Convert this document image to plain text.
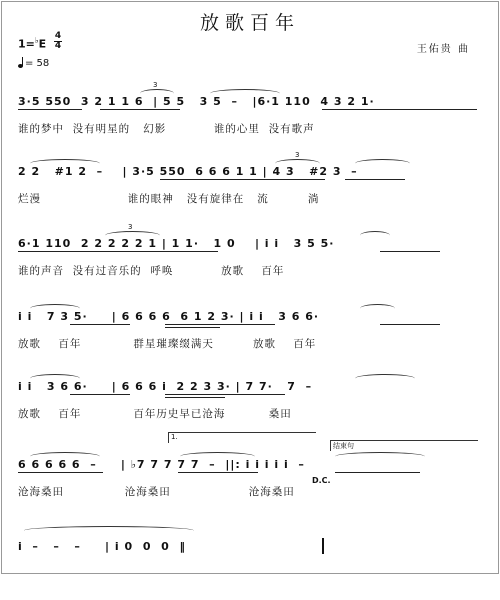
放歌百年
1=♭E
4
4
= 58
王佑贵 曲
3·5 550  3 2 1 1 6  | 5 5   3 5  –   |6·1 110  4 3 2 1·
谁的梦中  没有明星的   幻影           谁的心里  没有歌声
3
2 2   #1 2  –    | 3·5 550  6 6 6 1 1 | 4 3   #2 3  –
烂漫                    谁的眼神   没有旋律在   流         淌
3
6·1 110  2 2 2 2 2 1 | 1 1·   1 0    | i i   3 5 5·
谁的声音  没有过音乐的  呼唤           放歌    百年
3
i i   7 3 5·     | 6 6 6 6  6 1 2 3· | i i   3 6 6·
放歌    百年            群星璀璨缀满天         放歌    百年
i i   3 6 6·     | 6 6 6 i  2 2 3 3· | 7 7·   7  –
放歌    百年            百年历史早已沧海          桑田
1.
结束句
6 6 6 6 6  –     | ♭7 7 7 7 7  –  ||: i i i i i  –
沧海桑田              沧海桑田                  沧海桑田
D.C.
i  –   –   –     | i 0  0  0  ‖
